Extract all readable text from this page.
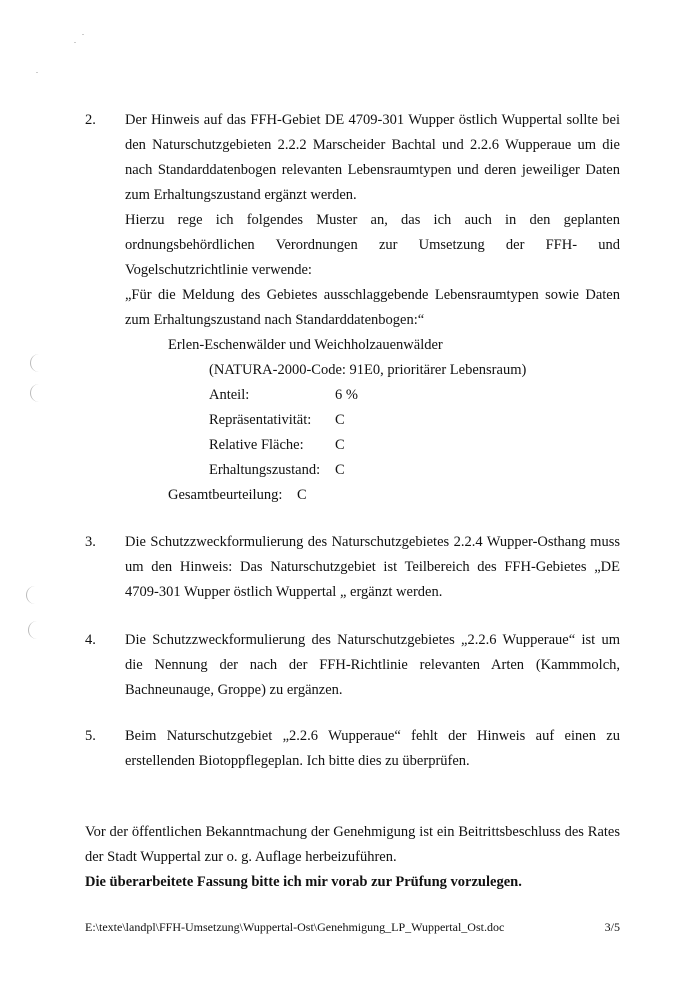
2. Der Hinweis auf das FFH-Gebiet DE 4709-301 Wupper östlich Wuppertal sollte bei den Naturschutzgebieten 2.2.2 Marscheider Bachtal und 2.2.6 Wupperaue um die nach Standarddatenbogen relevanten Lebensraumtypen und deren jeweiliger Daten zum Erhaltungszustand ergänzt werden.
Hierzu rege ich folgendes Muster an, das ich auch in den geplanten
ordnungsbehördlichen Verordnungen zur Umsetzung der FFH- und
Vogelschutzrichtlinie verwende:
„Für die Meldung des Gebietes ausschlaggebende Lebensraumtypen sowie Daten zum Erhaltungszustand nach Standarddatenbogen:“
Erlen-Eschenwälder und Weichholzauenwälder
(NATURA-2000-Code: 91E0, prioritärer Lebensraum)
Anteil:	6 %
Repräsentativität: C
Relative Fläche: C
Erhaltungszustand: C
Gesamtbeurteilung: C
3. Die Schutzzweckformulierung des Naturschutzgebietes 2.2.4 Wupper-Osthang muss um den Hinweis: Das Naturschutzgebiet ist Teilbereich des FFH-Gebietes „DE 4709-301 Wupper östlich Wuppertal „ ergänzt werden.
4. Die Schutzzweckformulierung des Naturschutzgebietes „2.2.6 Wupperaue“ ist um die Nennung der nach der FFH-Richtlinie relevanten Arten (Kammmolch, Bachneunauge, Groppe) zu ergänzen.
5. Beim Naturschutzgebiet „2.2.6 Wupperaue“ fehlt der Hinweis auf einen zu erstellenden Biotoppflegeplan. Ich bitte dies zu überprüfen.
Vor der öffentlichen Bekanntmachung der Genehmigung ist ein Beitrittsbeschluss des Rates der Stadt Wuppertal zur o. g. Auflage herbeizuführen.
Die überarbeitete Fassung bitte ich mir vorab zur Prüfung vorzulegen.
E:\texte\landpl\FFH-Umsetzung\Wuppertal-Ost\Genehmigung_LP_Wuppertal_Ost.doc	3/5
